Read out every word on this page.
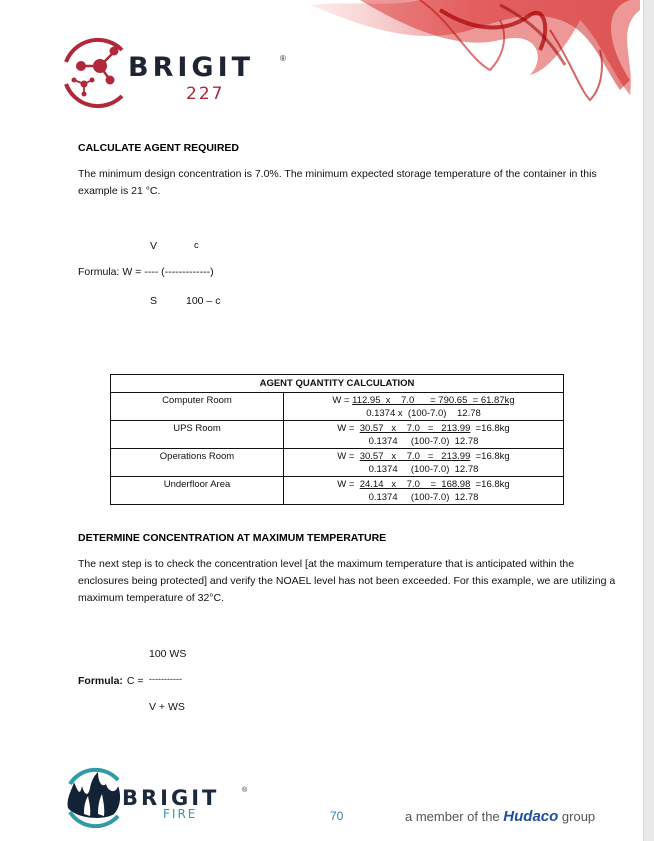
BRIGIT	®
227
CALCULATE AGENT REQUIRED
The minimum design concentration is 7.0%. The minimum expected storage temperature of the container in this example is 21 °C.
V	c
Formula: W = ---- (-------------)
S	100 – c
AGENT QUANTITY CALCULATION	
Computer Room	W = 112.95  x    7.0      = 790.65  = 61.87kg
0.1374 x  (100-7.0)    12.78

UPS Room	W =  30.57   x    7.0   =   213.99  =16.8kg
0.1374     (100-7.0)  12.78

Operations Room	W =  30.57   x    7.0   =   213.99  =16.8kg
0.1374     (100-7.0)  12.78

Underfloor Area	W =  24.14   x    7.0    =  168.98  =16.8kg
0.1374     (100-7.0)  12.78
DETERMINE CONCENTRATION AT MAXIMUM TEMPERATURE
The next step is to check the concentration level [at the maximum temperature that is anticipated within the enclosures being protected] and verify the NOAEL level has not been exceeded. For this example, we are utilizing a maximum temperature of 32°C.
100 WS
Formula: C = -----------
V + WS
BRIGIT	®
FIRE	70	a member of the Hudaco group
